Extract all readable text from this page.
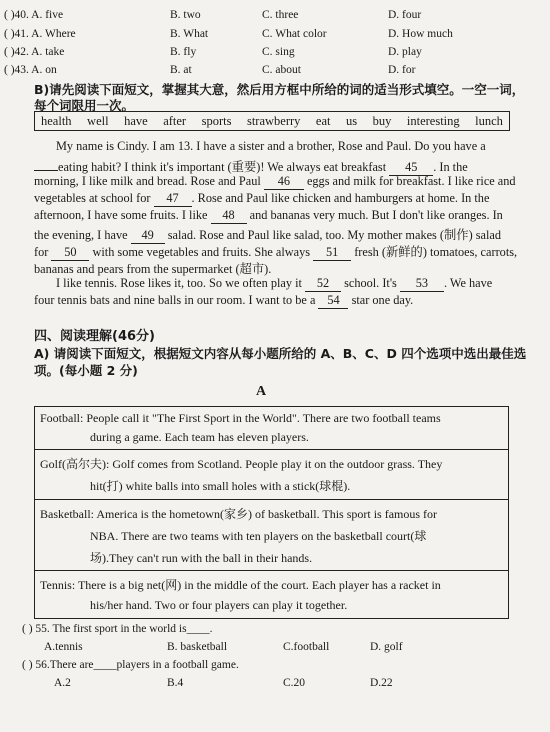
( )40. A. five	B. two	C. three	D. four
( )41. A. Where	B. What	C. What color	D. How much
( )42. A. take	B. fly	C. sing	D. play
( )43. A. on	B. at	C. about	D. for
B)请先阅读下面短文，掌握其大意，然后用方框中所给的词的适当形式填空。一空一词，
每个词限用一次。
health well have after sports strawberry eat us buy interesting lunch
My name is Cindy. I am 13. I have a sister and a brother, Rose and Paul. Do you have a
eating habit? I think it's important (重要)! We always eat breakfast 45 . In the
morning, I like milk and bread. Rose and Paul 46 eggs and milk for breakfast. I like rice and
vegetables at school for 47 . Rose and Paul like chicken and hamburgers at home. In the
afternoon, I have some fruits. I like 48 and bananas very much. But I don't like oranges. In
the evening, I have 49 salad. Rose and Paul like salad, too. My mother makes (制作) salad
for 50 with some vegetables and fruits. She always 51 fresh (新鲜的) tomatoes, carrots,
bananas and pears from the supermarket (超市).
I like tennis. Rose likes it, too. So we often play it 52 school. It's 53 . We have
four tennis bats and nine balls in our room. I want to be a 54 star one day.
四、阅读理解(46分)
A) 请阅读下面短文，根据短文内容从每小题所给的 A、B、C、D 四个选项中选出最佳选
项。(每小题 2 分)
A
Football: People call it "The First Sport in the World". There are two football teams
during a game. Each team has eleven players.
Golf(高尔夫): Golf comes from Scotland. People play it on the outdoor grass. They
hit(打) white balls into small holes with a stick(球棍).
Basketball: America is the hometown(家乡) of basketball. This sport is famous for
NBA. There are two teams with ten players on the basketball court(球
场).They can't run with the ball in their hands.
Tennis: There is a big net(网) in the middle of the court. Each player has a racket in
his/her hand. Two or four players can play it together.
( ) 55. The first sport in the world is____.
A.tennis	B. basketball	C.football	D. golf
( ) 56.There are____players in a football game.
A.2	B.4	C.20	D.22
